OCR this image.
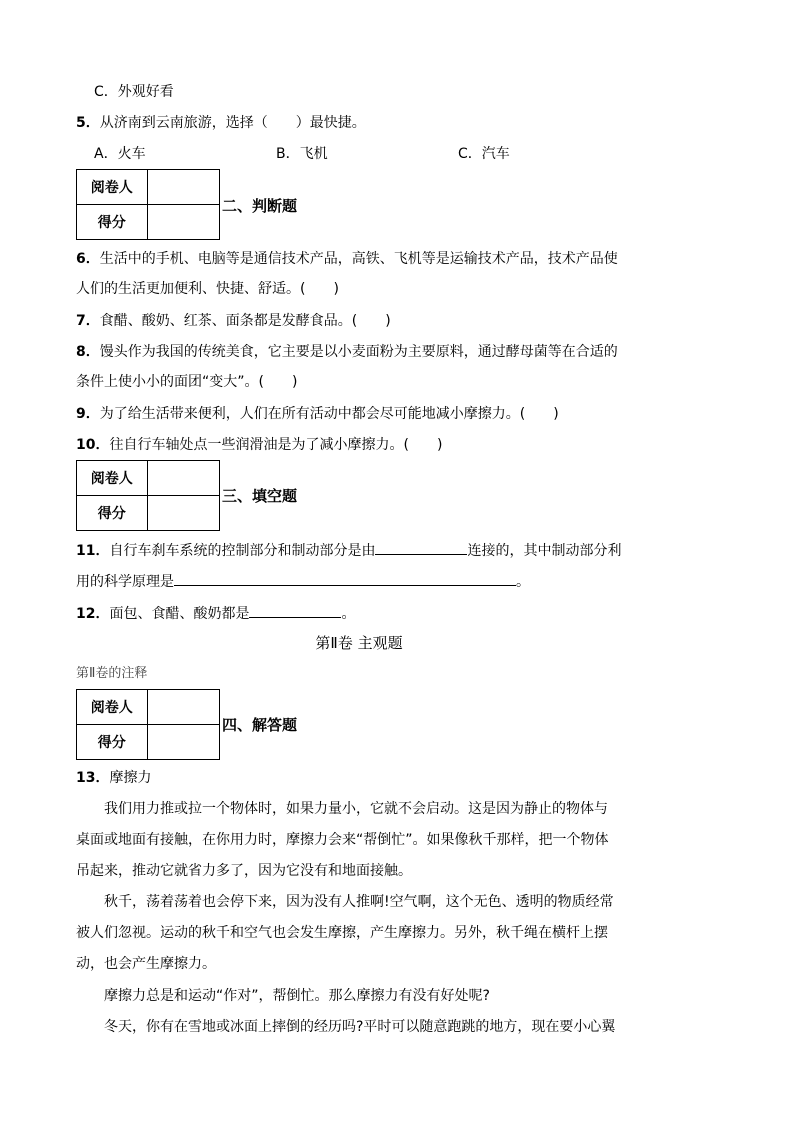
C．外观好看
5．从济南到云南旅游，选择（　　）最快捷。
A．火车	B．飞机	C．汽车
阅卷人	
得分	
二、判断题
6．生活中的手机、电脑等是通信技术产品，高铁、飞机等是运输技术产品，技术产品使
人们的生活更加便利、快捷、舒适。(　　)
7．食醋、酸奶、红茶、面条都是发酵食品。(　　)
8．馒头作为我国的传统美食，它主要是以小麦面粉为主要原料，通过酵母菌等在合适的
条件上使小小的面团“变大”。(　　)
9．为了给生活带来便利，人们在所有活动中都会尽可能地减小摩擦力。(　　)
10．往自行车轴处点一些润滑油是为了减小摩擦力。(　　)
阅卷人	
得分	
三、填空题
11．自行车刹车系统的控制部分和制动部分是由	连接的，其中制动部分利
用的科学原理是	。
12．面包、食醋、酸奶都是	。
第Ⅱ卷 主观题
第Ⅱ卷的注释
阅卷人	
得分	
四、解答题
13．摩擦力
我们用力推或拉一个物体时，如果力量小，它就不会启动。这是因为静止的物体与
桌面或地面有接触，在你用力时，摩擦力会来“帮倒忙”。如果像秋千那样，把一个物体
吊起来，推动它就省力多了，因为它没有和地面接触。
秋千，荡着荡着也会停下来，因为没有人推啊!空气啊，这个无色、透明的物质经常
被人们忽视。运动的秋千和空气也会发生摩擦，产生摩擦力。另外，秋千绳在横杆上摆
动，也会产生摩擦力。
摩擦力总是和运动“作对”，帮倒忙。那么摩擦力有没有好处呢?
冬天，你有在雪地或冰面上摔倒的经历吗?平时可以随意跑跳的地方，现在要小心翼
